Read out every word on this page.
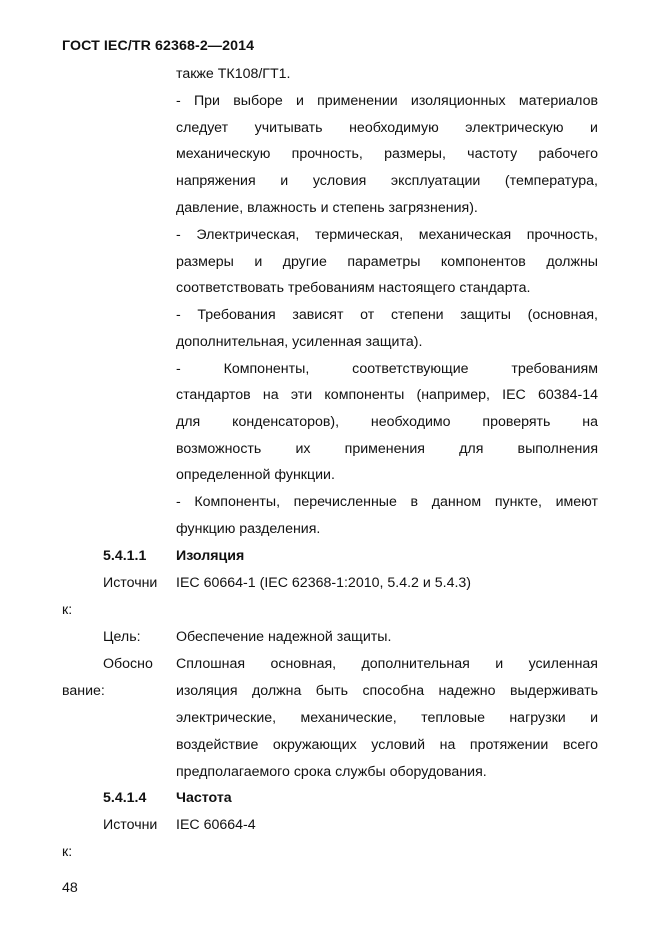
ГОСТ IEC/TR 62368-2—2014
также ТК108/ГТ1.
- При выборе и применении изоляционных материалов
следует учитывать необходимую электрическую и
механическую прочность, размеры, частоту рабочего
напряжения и условия эксплуатации (температура,
давление, влажность и степень загрязнения).
- Электрическая, термическая, механическая прочность,
размеры и другие параметры компонентов должны
соответствовать требованиям настоящего стандарта.
- Требования зависят от степени защиты (основная,
дополнительная, усиленная защита).
- Компоненты, соответствующие требованиям
стандартов на эти компоненты (например, IEC 60384-14
для конденсаторов), необходимо проверять на
возможность их применения для выполнения
определенной функции.
- Компоненты, перечисленные в данном пункте, имеют
функцию разделения.
5.4.1.1 Изоляция
Источни IEC 60664-1 (IEC 62368-1:2010, 5.4.2 и 5.4.3)
к:
Цель: Обеспечение надежной защиты.
Обосно
вание:
Сплошная основная, дополнительная и усиленная
изоляция должна быть способна надежно выдерживать
электрические, механические, тепловые нагрузки и
воздействие окружающих условий на протяжении всего
предполагаемого срока службы оборудования.
5.4.1.4 Частота
Источни IEC 60664-4
к:
48
